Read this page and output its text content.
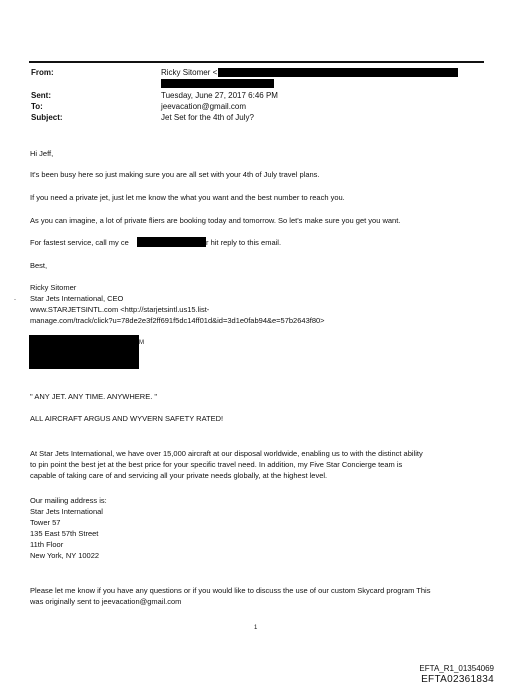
From:	Ricky Sitomer <
Sent:	Tuesday, June 27, 2017 6:46 PM
To:	jeevacation@gmail.com
Subject:	Jet Set for the 4th of July?
Hi Jeff,
It's been busy here so just making sure you are all set with your 4th of July travel plans.
If you need a private jet, just let me know the what you want and the best number to reach you.
As you can imagine, a lot of private fliers are booking today and tomorrow. So let's make sure you get you want.
For fastest service, call my ce	r hit reply to this email.
Best,
Ricky Sitomer
- Star Jets International, CEO
www.STARJETSINTL.com <http://starjetsintl.us15.list-
manage.com/track/click?u=78de2e3f2ff691f5dc14ff01d&id=3d1e0fab94&e=57b2643f80>
M
" ANY JET. ANY TIME. ANYWHERE. "
ALL AIRCRAFT ARGUS AND WYVERN SAFETY RATED!
At Star Jets International, we have over 15,000 aircraft at our disposal worldwide, enabling us to with the distinct ability
to pin point the best jet at the best price for your specific travel need. In addition, my Five Star Concierge team is
capable of taking care of and servicing all your private needs globally, at the highest level.
Our mailing address is:
Star Jets International
Tower 57
135 East 57th Street
11th Floor
New York, NY 10022
Please let me know if you have any questions or if you would like to discuss the use of our custom Skycard program This
was originally sent to jeevacation@gmail.com
1
EFTA_R1_01354069
EFTA02361834
